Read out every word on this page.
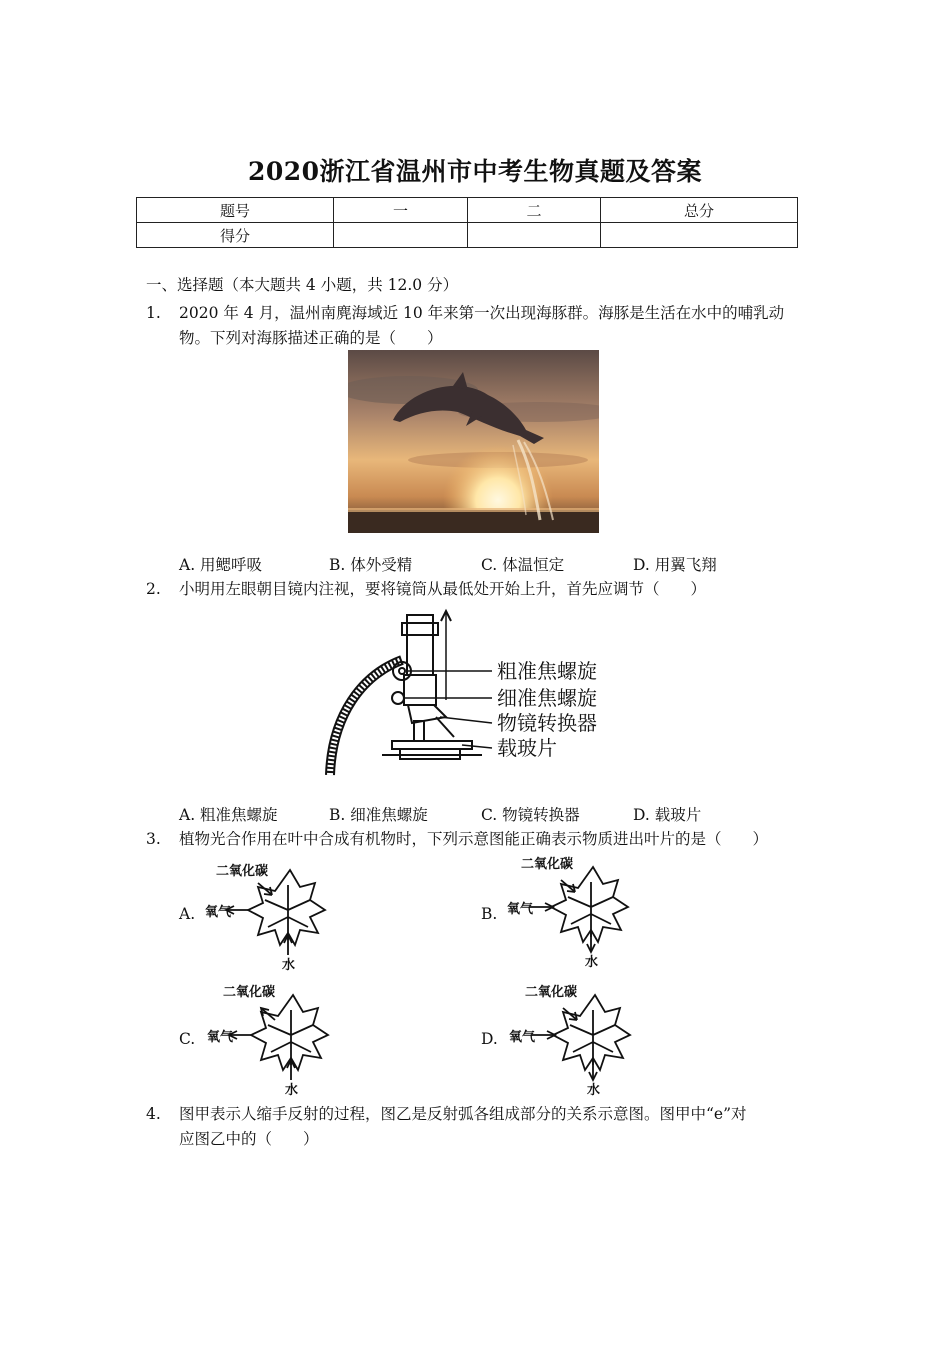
2020浙江省温州市中考生物真题及答案
题号	一	二	总分
得分			
一、选择题（本大题共 4 小题，共 12.0 分）
1. 2020 年 4 月，温州南麂海域近 10 年来第一次出现海豚群。海豚是生活在水中的哺乳动
物。下列对海豚描述正确的是（　　）
A. 用鳃呼吸	B. 体外受精	C. 体温恒定	D. 用翼飞翔
2. 小明用左眼朝目镜内注视，要将镜筒从最低处开始上升，首先应调节（　　）
粗准焦螺旋
细准焦螺旋
物镜转换器
载玻片
A. 粗准焦螺旋	B. 细准焦螺旋	C. 物镜转换器	D. 载玻片
3. 植物光合作用在叶中合成有机物时，下列示意图能正确表示物质进出叶片的是（　　）
A.
二氧化碳
氧气
水
B.
二氧化碳
氧气
水
C.
二氧化碳
氧气
水
D.
二氧化碳
氧气
水
4. 图甲表示人缩手反射的过程，图乙是反射弧各组成部分的关系示意图。图甲中“e”对
应图乙中的（　　）
